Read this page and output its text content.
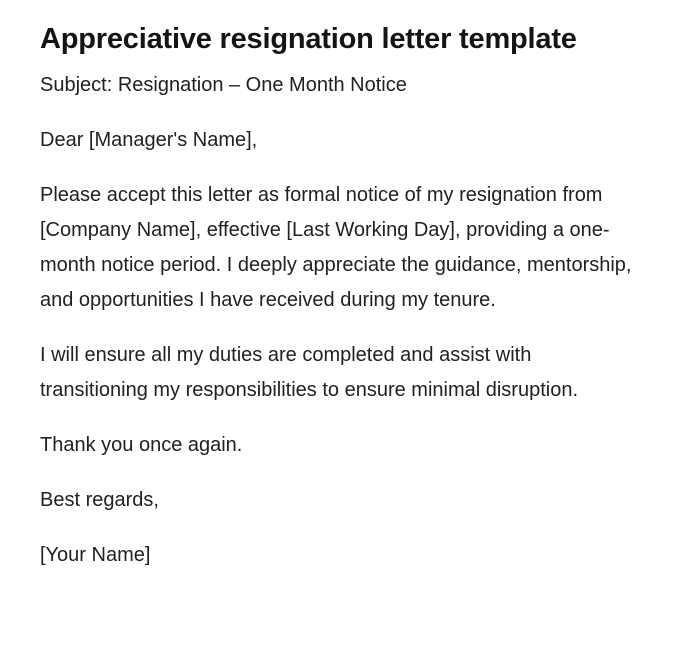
Appreciative resignation letter template

Subject: Resignation – One Month Notice

Dear [Manager's Name],

Please accept this letter as formal notice of my resignation from [Company Name], effective [Last Working Day], providing a one-month notice period. I deeply appreciate the guidance, mentorship, and opportunities I have received during my tenure.

I will ensure all my duties are completed and assist with transitioning my responsibilities to ensure minimal disruption.

Thank you once again.

Best regards,

[Your Name]
